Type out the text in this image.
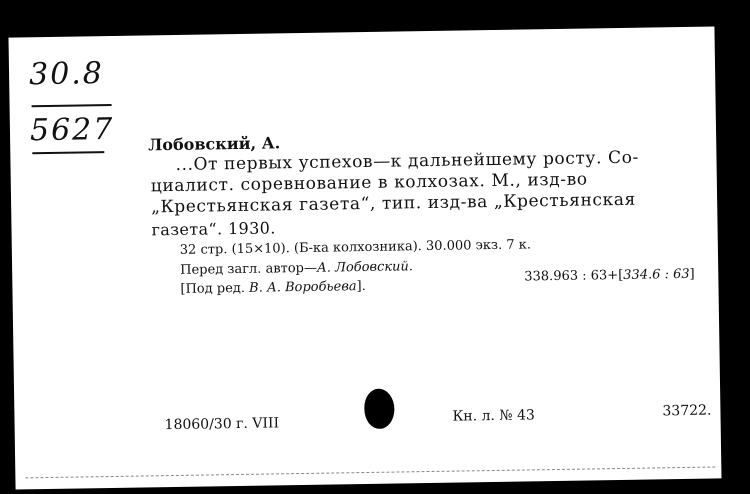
30.8
5627 Лобовский, А.
...От первых успехов—к дальнейшему росту. Со-
циалист. соревнование в колхозах. М., изд-во
„Крестьянская газета“, тип. изд-ва „Крестьянская
газета“. 1930.
32 стр. (15×10). (Б-ка колхозника). 30.000 экз. 7 к.
Перед загл. автор—А. Лобовский.
[Под ред. В. А. Воробьева].
338.963 : 63+[334.6 : 63]
18060/30 г. VIII	Кн. л. № 43	33722.
